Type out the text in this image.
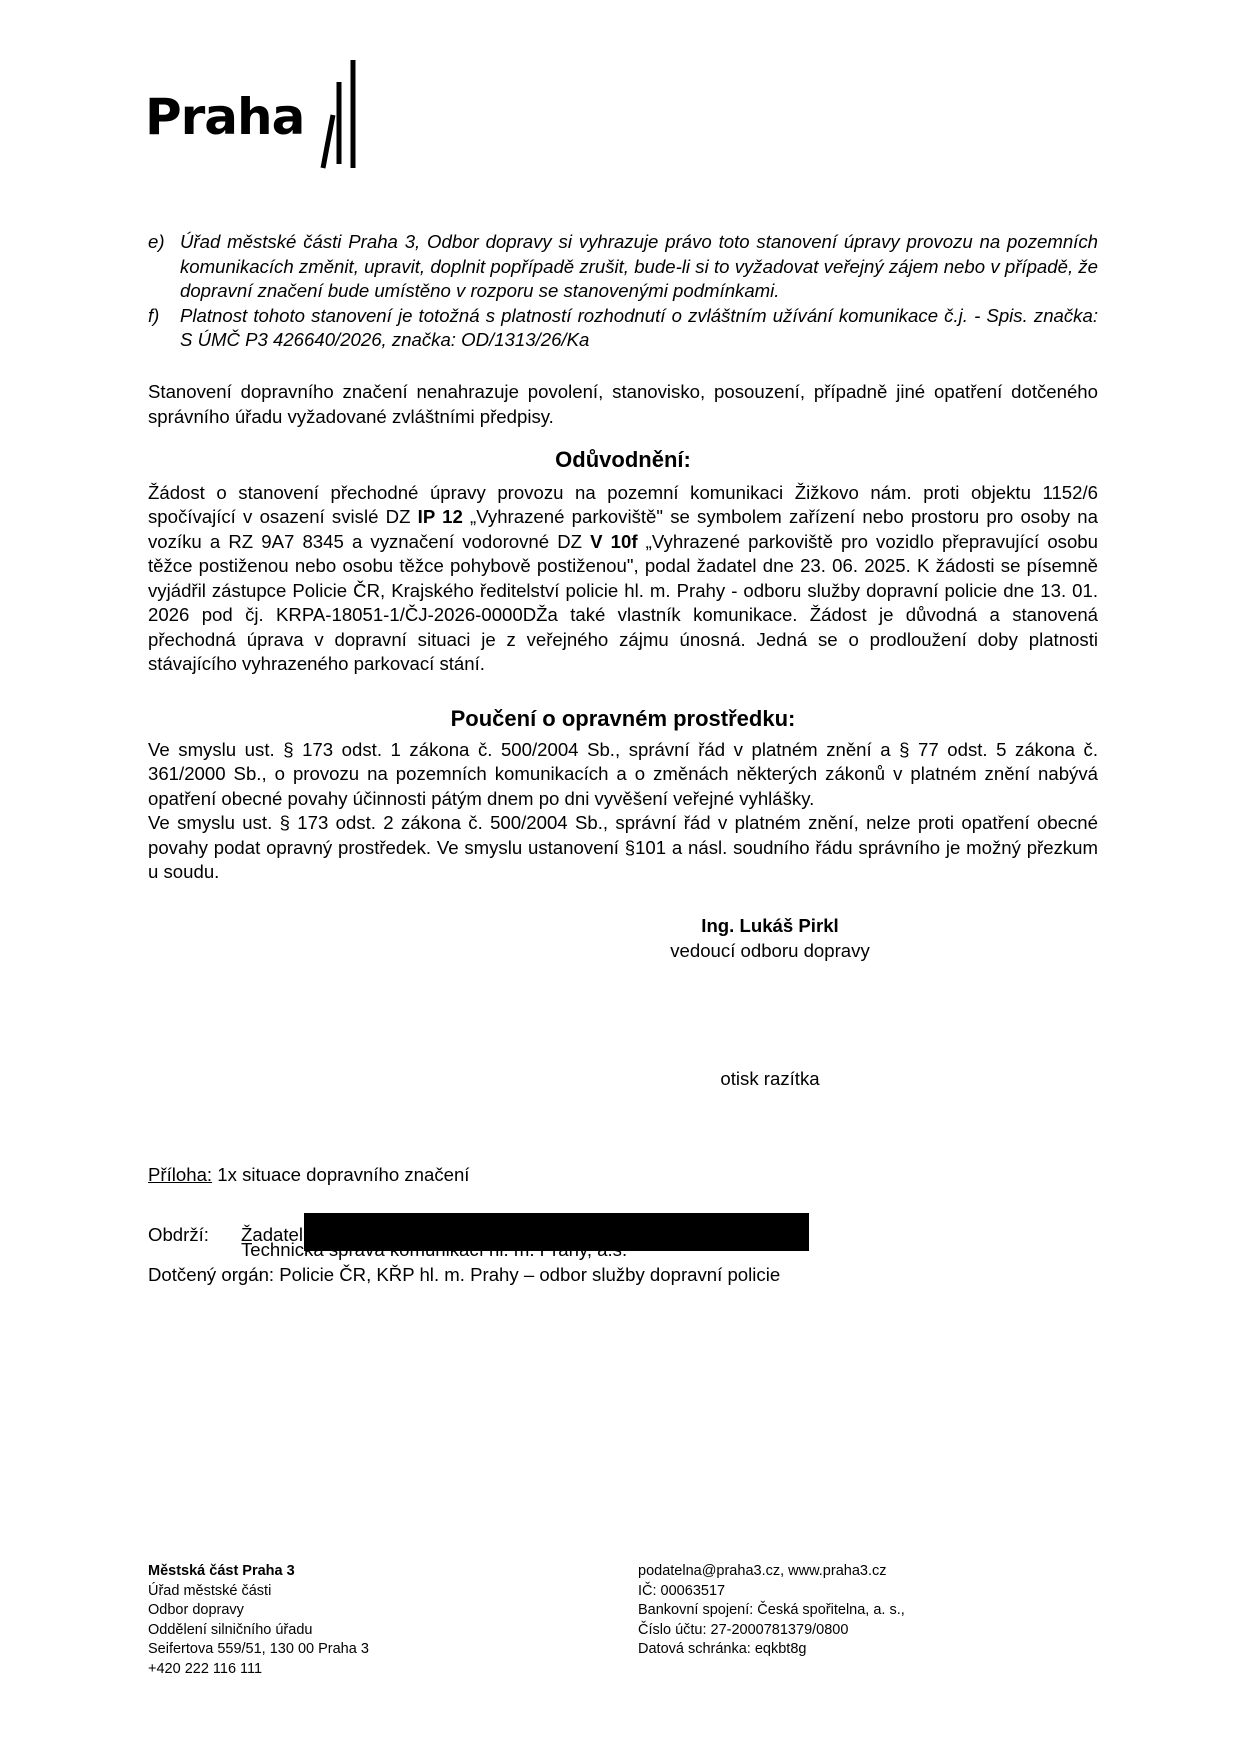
Praha
e) Úřad městské části Praha 3, Odbor dopravy si vyhrazuje právo toto stanovení úpravy provozu na pozemních komunikacích změnit, upravit, doplnit popřípadě zrušit, bude-li si to vyžadovat veřejný zájem nebo v případě, že dopravní značení bude umístěno v rozporu se stanovenými podmínkami.
f)	Platnost tohoto stanovení je totožná s platností rozhodnutí o zvláštním užívání komunikace č.j. - Spis. značka: S ÚMČ P3 426640/2026, značka: OD/1313/26/Ka

Stanovení dopravního značení nenahrazuje povolení, stanovisko, posouzení, případně jiné opatření dotčeného správního úřadu vyžadované zvláštními předpisy.

Odůvodnění:

Žádost o stanovení přechodné úpravy provozu na pozemní komunikaci Žižkovo nám. proti objektu 1152/6 spočívající v osazení svislé DZ IP 12 „Vyhrazené parkoviště" se symbolem zařízení nebo prostoru pro osoby na vozíku a RZ 9A7 8345 a vyznačení vodorovné DZ V 10f „Vyhrazené parkoviště pro vozidlo přepravující osobu těžce postiženou nebo osobu těžce pohybově postiženou", podal žadatel dne 23. 06. 2025. K žádosti se písemně vyjádřil zástupce Policie ČR, Krajského ředitelství policie hl. m. Prahy - odboru služby dopravní policie dne 13. 01. 2026 pod čj. KRPA-18051-1/ČJ-2026-0000DŽa také vlastník komunikace. Žádost je důvodná a stanovená přechodná úprava v dopravní situaci je z veřejného zájmu únosná. Jedná se o prodloužení doby platnosti stávajícího vyhrazeného parkovací stání.

Poučení o opravném prostředku:

Ve smyslu ust. § 173 odst. 1 zákona č. 500/2004 Sb., správní řád v platném znění a § 77 odst. 5 zákona č. 361/2000 Sb., o provozu na pozemních komunikacích a o změnách některých zákonů v platném znění nabývá opatření obecné povahy účinnosti pátým dnem po dni vyvěšení veřejné vyhlášky.

Ve smyslu ust. § 173 odst. 2 zákona č. 500/2004 Sb., správní řád v platném znění, nelze proti opatření obecné povahy podat opravný prostředek. Ve smyslu ustanovení §101 a násl. soudního řádu správního je možný přezkum u soudu.

Ing. Lukáš Pirkl
vedoucí odboru dopravy
otisk razítka
Příloha: 1x situace dopravního značení
Obdrží: Žadatel
Technická správa komunikací hl. m. Prahy, a.s.
Dotčený orgán: Policie ČR, KŘP hl. m. Prahy – odbor služby dopravní policie
Městská část Praha 3
Úřad městské části
Odbor dopravy
Oddělení silničního úřadu
Seifertova 559/51, 130 00 Praha 3
+420 222 116 111
podatelna@praha3.cz, www.praha3.cz
IČ: 00063517
Bankovní spojení: Česká spořitelna, a. s.,
Číslo účtu: 27-2000781379/0800
Datová schránka: eqkbt8g
